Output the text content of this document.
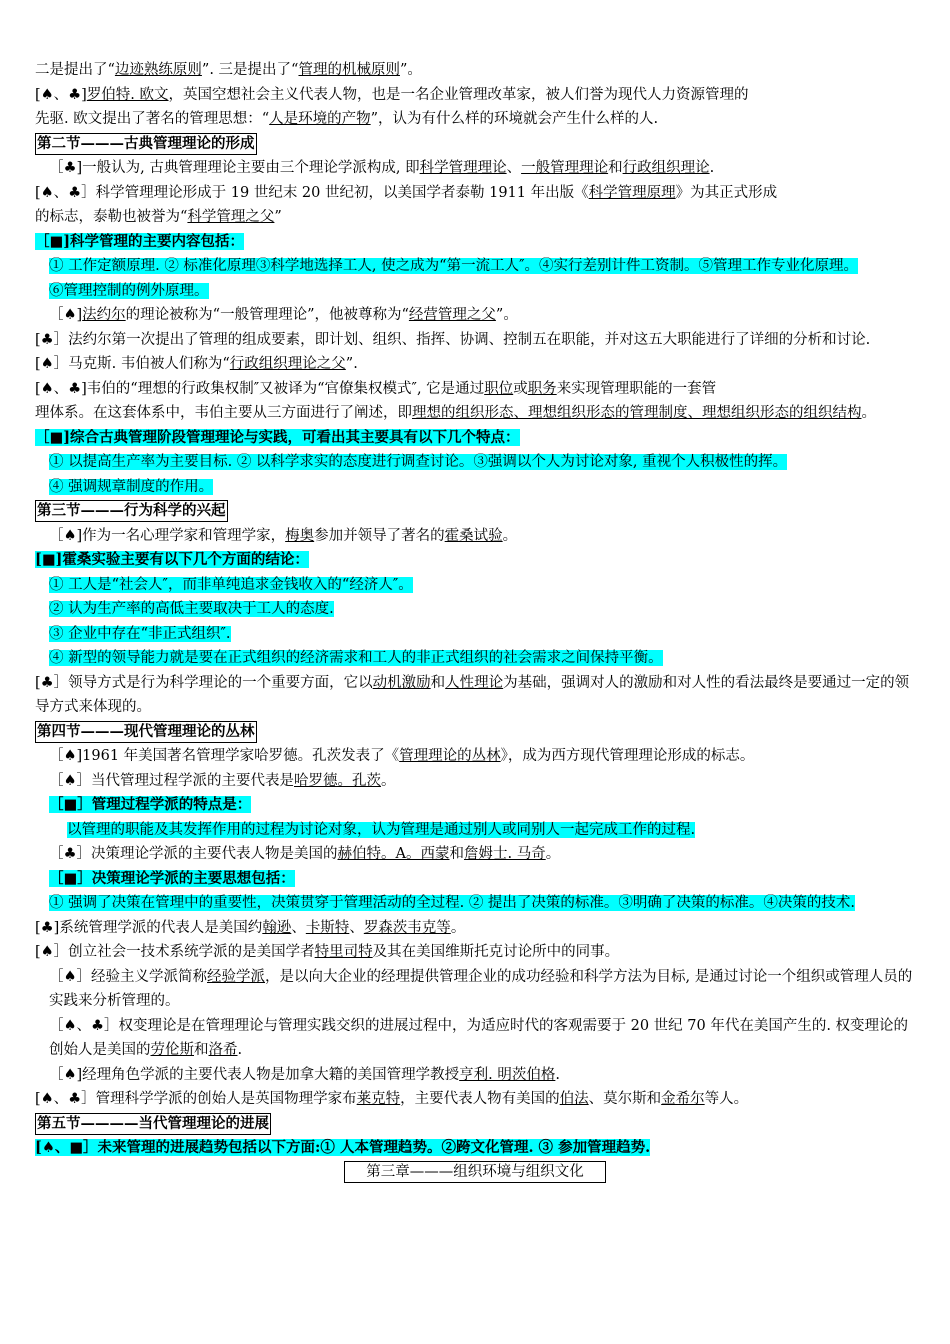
二是提出了“边迹熟练原则”. 三是提出了“管理的机械原则”。
[♠、♣]罗伯特. 欧文，英国空想社会主义代表人物，也是一名企业管理改革家，被人们誉为现代人力资源管理的
先驱. 欧文提出了著名的管理思想：“人是环境的产物”，认为有什么样的环境就会产生什么样的人.
第二节———古典管理理论的形成
［♣]一般认为, 古典管理理论主要由三个理论学派构成, 即科学管理理论、一般管理理论和行政组织理论.
[♠、♣］科学管理理论形成于 19 世纪末 20 世纪初，以美国学者泰勒 1911 年出版《科学管理原理》为其正式形成
的标志，泰勒也被誉为“科学管理之父”
［■]科学管理的主要内容包括：
① 工作定额原理. ② 标准化原理③科学地选择工人, 使之成为“第一流工人″。④实行差别计件工资制。⑤管理工作专业化原理。⑥管理控制的例外原理。
［♠]法约尔的理论被称为“一般管理理论”，他被尊称为“经营管理之父”。
[♣］法约尔第一次提出了管理的组成要素，即计划、组织、指挥、协调、控制五在职能，并对这五大职能进行了详细的分析和讨论.
[♠］马克斯. 韦伯被人们称为“行政组织理论之父”.
[♠、♣]韦伯的“理想的行政集权制″又被译为“官僚集权模式″, 它是通过职位或职务来实现管理职能的一套管
理体系。在这套体系中，韦伯主要从三方面进行了阐述，即理想的组织形态、理想组织形态的管理制度、理想组织形态的组织结构。
［■]综合古典管理阶段管理理论与实践，可看出其主要具有以下几个特点：
① 以提高生产率为主要目标. ② 以科学求实的态度进行调查讨论。③强调以个人为讨论对象, 重视个人积极性的挥。
④ 强调规章制度的作用。
第三节———行为科学的兴起
［♠]作为一名心理学家和管理学家，梅奥参加并领导了著名的霍桑试验。
[■]霍桑实验主要有以下几个方面的结论：
① 工人是“社会人″，而非单纯追求金钱收入的“经济人″。
② 认为生产率的高低主要取决于工人的态度.
③ 企业中存在“非正式组织″.
④ 新型的领导能力就是要在正式组织的经济需求和工人的非正式组织的社会需求之间保持平衡。
[♣］领导方式是行为科学理论的一个重要方面，它以动机激励和人性理论为基础，强调对人的激励和对人性的看法最终是要通过一定的领导方式来体现的。
第四节———现代管理理论的丛林
［♠]1961 年美国著名管理学家哈罗德。孔茨发表了《管理理论的丛林》，成为西方现代管理理论形成的标志。
［♠］当代管理过程学派的主要代表是哈罗德。孔茨。
［■］管理过程学派的特点是：
以管理的职能及其发挥作用的过程为讨论对象，认为管理是通过别人或同别人一起完成工作的过程.
［♣］决策理论学派的主要代表人物是美国的赫伯特。A。西蒙和詹姆士. 马奇。
［■］决策理论学派的主要思想包括：
① 强调了决策在管理中的重要性，决策贯穿于管理活动的全过程. ② 提出了决策的标准。③明确了决策的标准。④决策的技术.
[♣]系统管理学派的代表人是美国约翰逊、卡斯特、罗森茨韦克等。
[♠］创立社会一技术系统学派的是美国学者特里司特及其在美国维斯托克讨论所中的同事。
［♠］经验主义学派简称经验学派，是以向大企业的经理提供管理企业的成功经验和科学方法为目标, 是通过讨论一个组织或管理人员的实践来分析管理的。
［♠、♣］权变理论是在管理理论与管理实践交织的进展过程中，为适应时代的客观需要于 20 世纪 70 年代在美国产生的. 权变理论的创始人是美国的劳伦斯和洛希.
［♠]经理角色学派的主要代表人物是加拿大籍的美国管理学教授亨利. 明茨伯格.
[♠、♣］管理科学学派的创始人是英国物理学家布莱克特，主要代表人物有美国的伯法、莫尔斯和金希尔等人。
第五节————当代管理理论的进展
[♠、■］未来管理的进展趋势包括以下方面:① 人本管理趋势。②跨文化管理. ③ 参加管理趋势.
第三章———组织环境与组织文化
